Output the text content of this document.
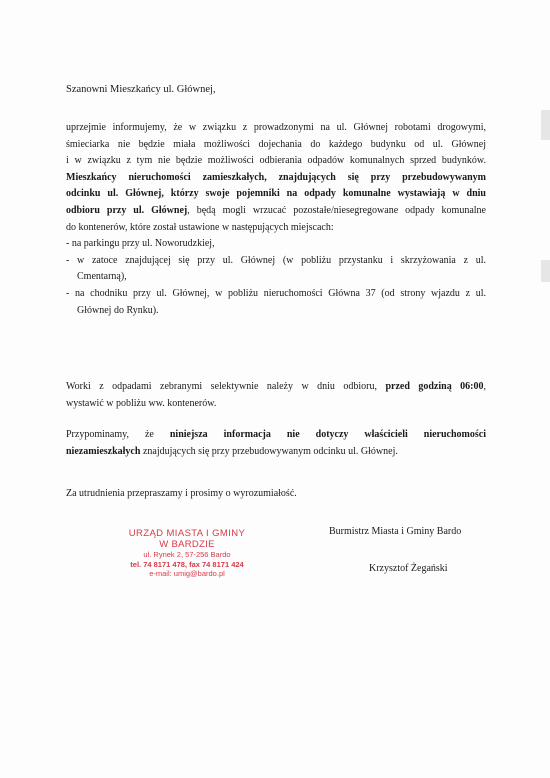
Szanowni Mieszkańcy ul. Głównej,
uprzejmie informujemy, że w związku z prowadzonymi na ul. Głównej robotami drogowymi,
śmieciarka nie będzie miała możliwości dojechania do każdego budynku od ul. Głównej
i w związku z tym nie będzie możliwości odbierania odpadów komunalnych sprzed budynków.
Mieszkańcy nieruchomości zamieszkałych, znajdujących się przy przebudowywanym
odcinku ul. Głównej, którzy swoje pojemniki na odpady komunalne wystawiają w dniu
odbioru przy ul. Głównej, będą mogli wrzucać pozostałe/niesegregowane odpady komunalne
do kontenerów, które został ustawione w następujących miejscach:
- na parkingu przy ul. Noworudzkiej,
- w zatoce znajdującej się przy ul. Głównej (w pobliżu przystanku i skrzyżowania z ul.
Cmentarną),
- na chodniku przy ul. Głównej, w pobliżu nieruchomości Główna 37 (od strony wjazdu z ul.
Głównej do Rynku).
Worki z odpadami zebranymi selektywnie należy w dniu odbioru, przed godziną 06:00,
wystawić w pobliżu ww. kontenerów.
Przypominamy, że niniejsza informacja nie dotyczy właścicieli nieruchomości
niezamieszkałych znajdujących się przy przebudowywanym odcinku ul. Głównej.
Za utrudnienia przepraszamy i prosimy o wyrozumiałość.
URZĄD MIASTA I GMINY
W BARDZIE
ul. Rynek 2, 57-256 Bardo
tel. 74 8171 478, fax 74 8171 424
e-mail: umig@bardo.pl
Burmistrz Miasta i Gminy Bardo
Krzysztof Żegański
